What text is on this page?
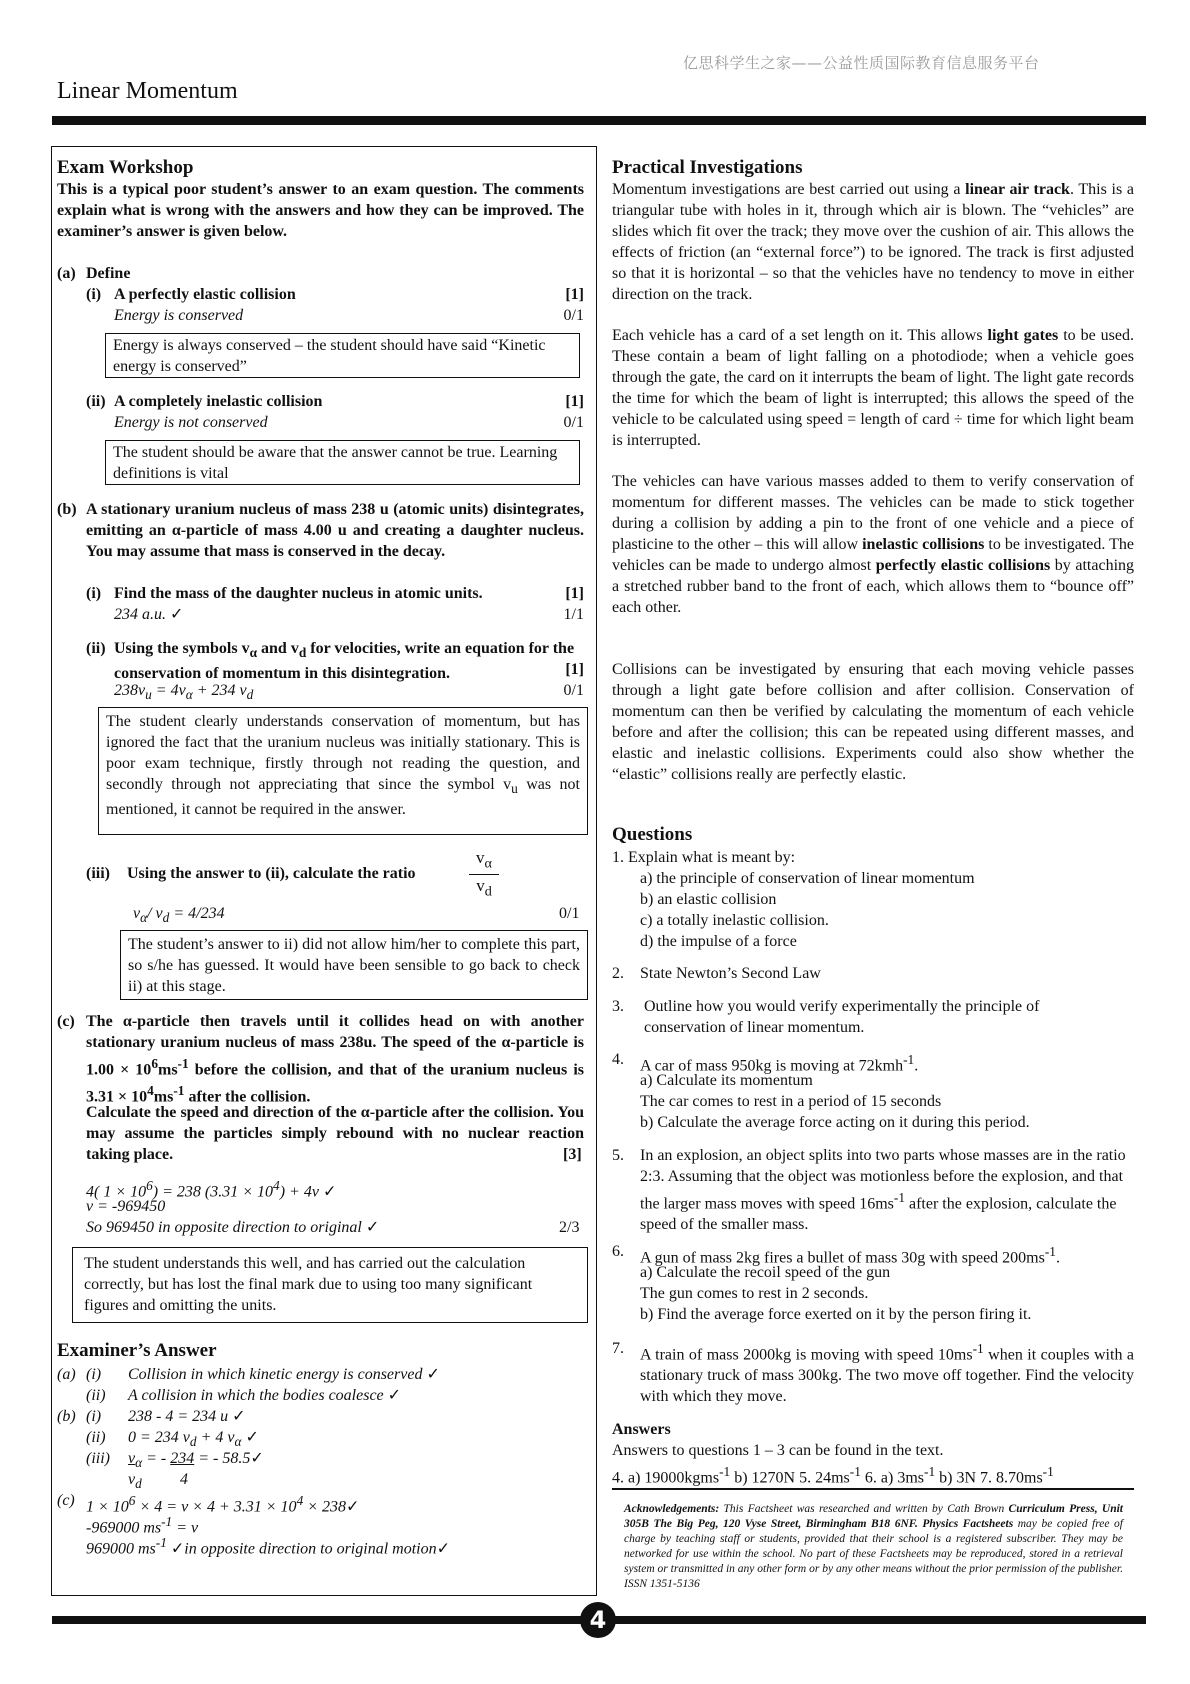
亿思科学生之家——公益性质国际教育信息服务平台
Linear Momentum
Exam Workshop
This is a typical poor student’s answer to an exam question. The comments explain what is wrong with the answers and how they can be improved. The examiner’s answer is given below.
(a) Define
(i) A perfectly elastic collision	[1]
Energy is conserved	0/1
Energy is always conserved – the student should have said “Kinetic energy is conserved”
(ii) A completely inelastic collision	[1]
Energy is not conserved	0/1
The student should be aware that the answer cannot be true. Learning definitions is vital
(b) A stationary uranium nucleus of mass 238 u (atomic units) disintegrates, emitting an α-particle of mass 4.00 u and creating a daughter nucleus. You may assume that mass is conserved in the decay.
(i) Find the mass of the daughter nucleus in atomic units.	[1]
234 a.u. ✓	1/1
(ii) Using the symbols $v_\alpha$ and $v_d$ for velocities, write an equation for the conservation of momentum in this disintegration.	[1]
$238v_u = 4v_\alpha + 234$ $v_d$	0/1
The student clearly understands conservation of momentum, but has ignored the fact that the uranium nucleus was initially stationary. This is poor exam technique, firstly through not reading the question, and secondly through not appreciating that since the symbol $v_u$ was not mentioned, it cannot be required in the answer.
(iii) Using the answer to (ii), calculate the ratio
$v_\alpha$
$v_d$
$v_\alpha/$ $v_d = 4/234$	0/1
The student’s answer to ii) did not allow him/her to complete this part, so s/he has guessed. It would have been sensible to go back to check ii) at this stage.
(c) The α-particle then travels until it collides head on with another stationary uranium nucleus of mass 238u. The speed of the α-particle is $1.00 \times 10^6ms^{-1}$ before the collision, and that of the uranium nucleus is $3.31 \times 10^4ms^{-1}$ after the collision.
Calculate the speed and direction of the α-particle after the collision. You may assume the particles simply rebound with no nuclear reaction taking place.	[3]
4( $1 \times 10^6) = 238$ $(3.31 \times 10^4) + 4v$ ✓
v = -969450
So 969450 in opposite direction to original ✓	2/3
The student understands this well, and has carried out the calculation correctly, but has lost the final mark due to using too many significant figures and omitting the units.
Examiner’s Answer
(a) (i) Collision in which kinetic energy is conserved ✓
(ii) A collision in which the bodies coalesce ✓
(b) (i) 238 - 4 = 234 u ✓
(ii) 0 = 234 $v_d + 4$ $v_\alpha$ ✓
(iii) $v_\alpha$ = - 234 = - 58.5✓
$v_d$ 4
(c) $1 \times 10^6 \times 4 = v \times 4 + 3.31 \times 10^4$ × 238✓
-969000 $ms^{-1} = v$
969000 $ms^{-1}$ ✓in opposite direction to original motion✓
Practical Investigations
Momentum investigations are best carried out using a linear air track. This is a triangular tube with holes in it, through which air is blown. The “vehicles” are slides which fit over the track; they move over the cushion of air. This allows the effects of friction (an “external force”) to be ignored. The track is first adjusted so that it is horizontal – so that the vehicles have no tendency to move in either direction on the track.
Each vehicle has a card of a set length on it. This allows light gates to be used. These contain a beam of light falling on a photodiode; when a vehicle goes through the gate, the card on it interrupts the beam of light. The light gate records the time for which the beam of light is interrupted; this allows the speed of the vehicle to be calculated using speed = length of card ÷ time for which light beam is interrupted.
The vehicles can have various masses added to them to verify conservation of momentum for different masses. The vehicles can be made to stick together during a collision by adding a pin to the front of one vehicle and a piece of plasticine to the other – this will allow inelastic collisions to be investigated. The vehicles can be made to undergo almost perfectly elastic collisions by attaching a stretched rubber band to the front of each, which allows them to “bounce off” each other.
Collisions can be investigated by ensuring that each moving vehicle passes through a light gate before collision and after collision. Conservation of momentum can then be verified by calculating the momentum of each vehicle before and after the collision; this can be repeated using different masses, and elastic and inelastic collisions. Experiments could also show whether the “elastic” collisions really are perfectly elastic.
Questions
1. Explain what is meant by:
a) the principle of conservation of linear momentum
b) an elastic collision
c) a totally inelastic collision.
d) the impulse of a force
2. State Newton’s Second Law
3. Outline how you would verify experimentally the principle of conservation of linear momentum.
4. A car of mass 950kg is moving at 72kmh$^{-1}$.
a) Calculate its momentum
The car comes to rest in a period of 15 seconds
b) Calculate the average force acting on it during this period.
5. In an explosion, an object splits into two parts whose masses are in the ratio 2:3. Assuming that the object was motionless before the explosion, and that the larger mass moves with speed $16ms^{-1}$ after the explosion, calculate the speed of the smaller mass.
6. A gun of mass 2kg fires a bullet of mass 30g with speed $200ms^{-1}$.
a) Calculate the recoil speed of the gun
The gun comes to rest in 2 seconds.
b) Find the average force exerted on it by the person firing it.
7. A train of mass 2000kg is moving with speed $10ms^{-1}$ when it couples with a stationary truck of mass 300kg. The two move off together. Find the velocity with which they move.
Answers
Answers to questions 1 – 3 can be found in the text.
4. a) 19000kgms$^{-1}$ b) 1270N 5. $24ms^{-1}$ 6. a) $3ms^{-1}$ b) 3N 7. $8.70ms^{-1}$
Acknowledgements: This Factsheet was researched and written by Cath Brown Curriculum Press, Unit 305B The Big Peg, 120 Vyse Street, Birmingham B18 6NF. Physics Factsheets may be copied free of charge by teaching staff or students, provided that their school is a registered subscriber. They may be networked for use within the school. No part of these Factsheets may be reproduced, stored in a retrieval system or transmitted in any other form or by any other means without the prior permission of the publisher. ISSN 1351-5136
4
